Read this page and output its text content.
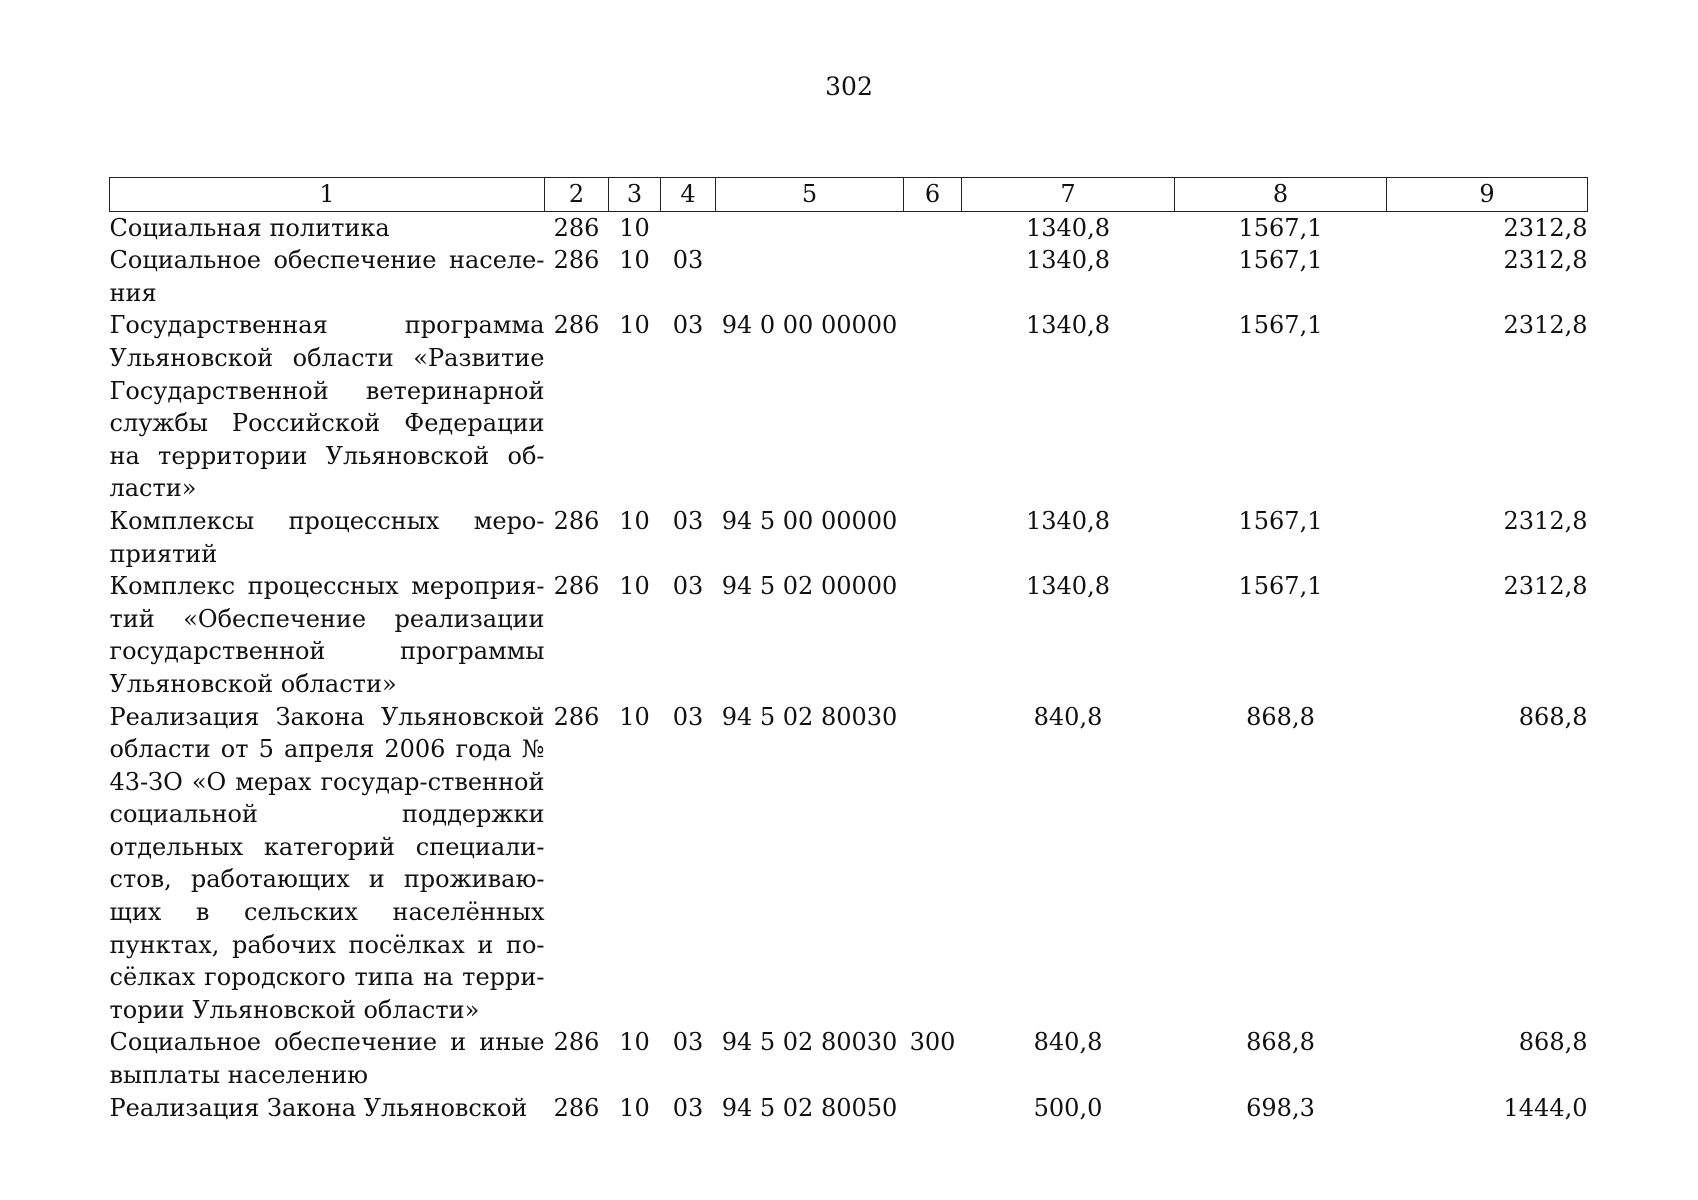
302
1	2	3	4	5	6	7	8	9
Социальная политика	286	10				1340,8	1567,1	2312,8
Социальное обеспечение населе-ния	286	10	03			1340,8	1567,1	2312,8
Государственная программа Ульяновской области «Развитие Государственной ветеринарной службы Российской Федерации на территории Ульяновской об-ласти»	286	10	03	94 0 00 00000		1340,8	1567,1	2312,8
Комплексы процессных меро-приятий	286	10	03	94 5 00 00000		1340,8	1567,1	2312,8
Комплекс процессных мероприя-тий «Обеспечение реализации государственной программы Ульяновской области»	286	10	03	94 5 02 00000		1340,8	1567,1	2312,8
Реализация Закона Ульяновской области от 5 апреля 2006 года № 43-ЗО «О мерах государ-ственной социальной поддержки отдельных категорий специали-стов, работающих и проживаю-щих в сельских населённых пунктах, рабочих посёлках и по-сёлках городского типа на терри-тории Ульяновской области»	286	10	03	94 5 02 80030		840,8	868,8	868,8
Социальное обеспечение и иные выплаты населению	286	10	03	94 5 02 80030	300	840,8	868,8	868,8
Реализация Закона Ульяновской	286	10	03	94 5 02 80050		500,0	698,3	1444,0
